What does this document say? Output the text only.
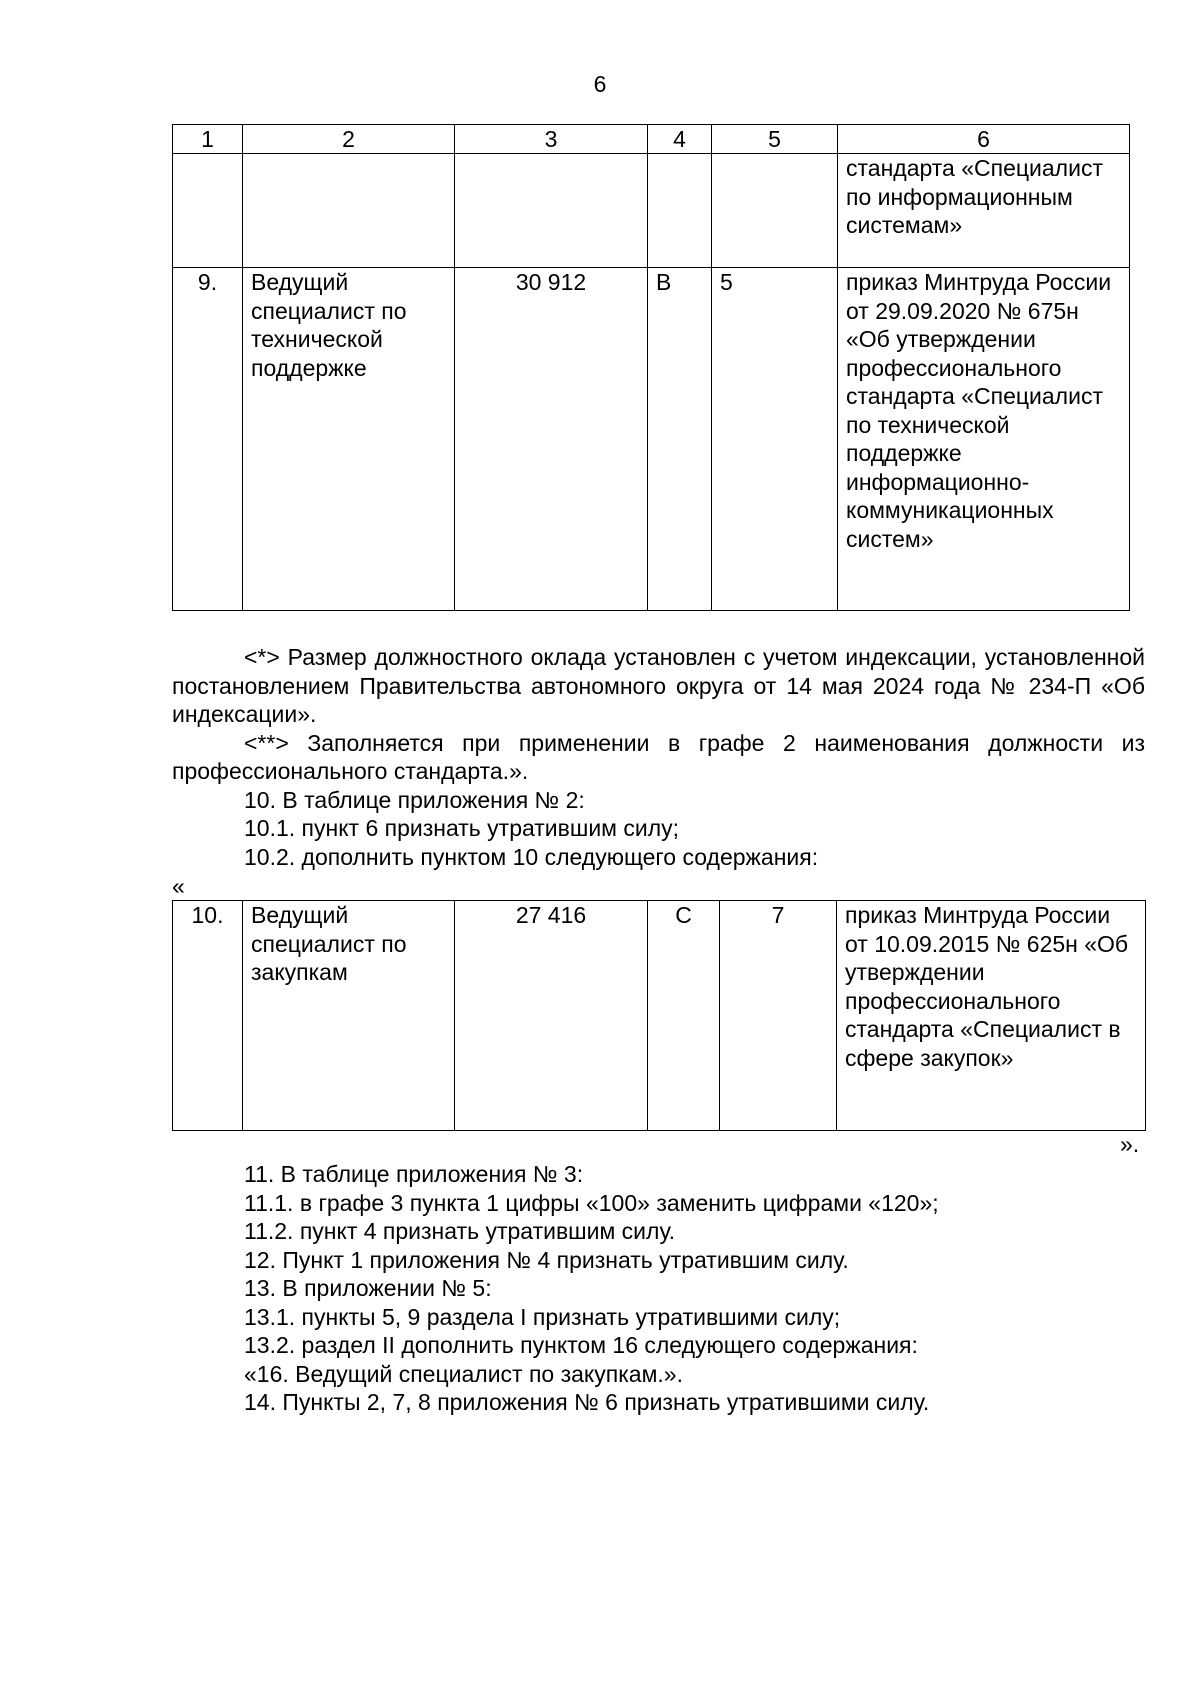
6
1	2	3	4	5	6
					стандарта «Специалист по информационным системам»
9.	Ведущий специалист по технической поддержке	30 912	В	5	приказ Минтруда России от 29.09.2020 № 675н «Об утверждении профессионального стандарта «Специалист по технической поддержке информационно-коммуникационных систем»

<*> Размер должностного оклада установлен с учетом индексации, установленной постановлением Правительства автономного округа от 14 мая 2024 года № 234-П «Об индексации».

<**> Заполняется при применении в графе 2 наименования должности из профессионального стандарта.».

10. В таблице приложения № 2:

10.1. пункт 6 признать утратившим силу;

10.2. дополнить пунктом 10 следующего содержания:

«
10.	Ведущий специалист по закупкам	27 416	С	7	приказ Минтруда России от 10.09.2015 № 625н «Об утверждении профессионального стандарта «Специалист в сфере закупок»
».

11. В таблице приложения № 3:

11.1. в графе 3 пункта 1 цифры «100» заменить цифрами «120»;

11.2. пункт 4 признать утратившим силу.

12. Пункт 1 приложения № 4 признать утратившим силу.

13. В приложении № 5:

13.1. пункты 5, 9 раздела I признать утратившими силу;

13.2. раздел II дополнить пунктом 16 следующего содержания:

«16. Ведущий специалист по закупкам.».

14. Пункты 2, 7, 8 приложения № 6 признать утратившими силу.
